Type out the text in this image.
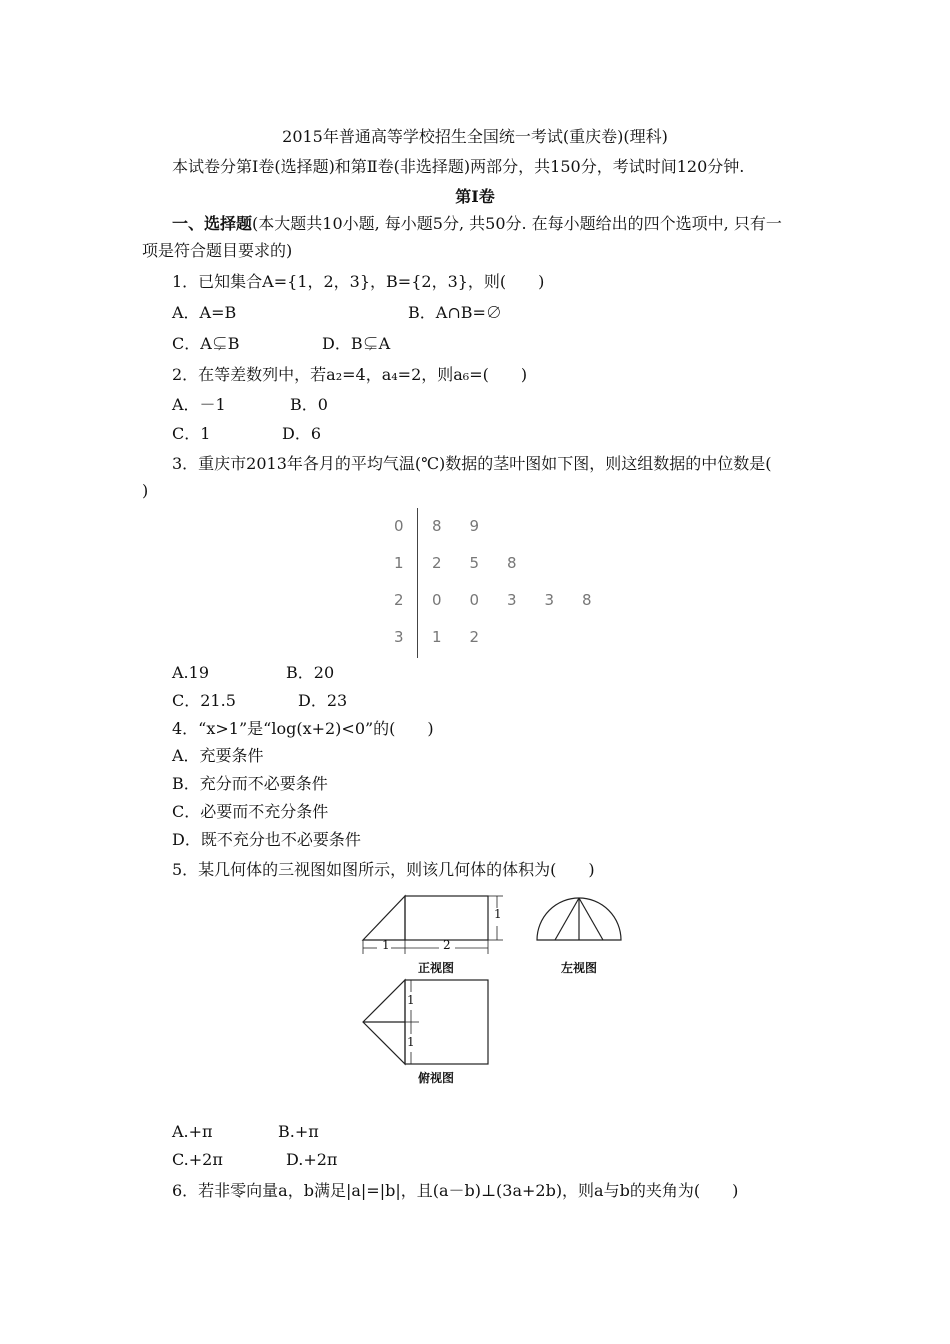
2015年普通高等学校招生全国统一考试(重庆卷)(理科)
本试卷分第Ⅰ卷(选择题)和第Ⅱ卷(非选择题)两部分，共150分，考试时间120分钟.
第Ⅰ卷
一、选择题(本大题共10小题, 每小题5分, 共50分. 在每小题给出的四个选项中, 只有一
项是符合题目要求的)
1．已知集合A={1，2，3}，B={2，3}，则(　　)
A．A=B	B．A∩B=∅
C．A⊊B	D．B⊊A
2．在等差数列中，若a₂=4，a₄=2，则a₆=(　　)
A．－1	B．0
C．1	D．6
3．重庆市2013年各月的平均气温(℃)数据的茎叶图如下图，则这组数据的中位数是(
)
0 8 9
1 2 5 8
2 0 0 3 3 8
3 1 2
A.19	B．20
C．21.5	D．23
4．“x>1”是“log(x+2)<0”的(　　)
A．充要条件
B．充分而不必要条件
C．必要而不充分条件
D．既不充分也不必要条件
5．某几何体的三视图如图所示，则该几何体的体积为(　　)
1	2
1
1
1
正视图	左视图
俯视图
A.+π	B.+π
C.+2π	D.+2π
6．若非零向量a，b满足|a|=|b|，且(a－b)⊥(3a+2b)，则a与b的夹角为(　　)
